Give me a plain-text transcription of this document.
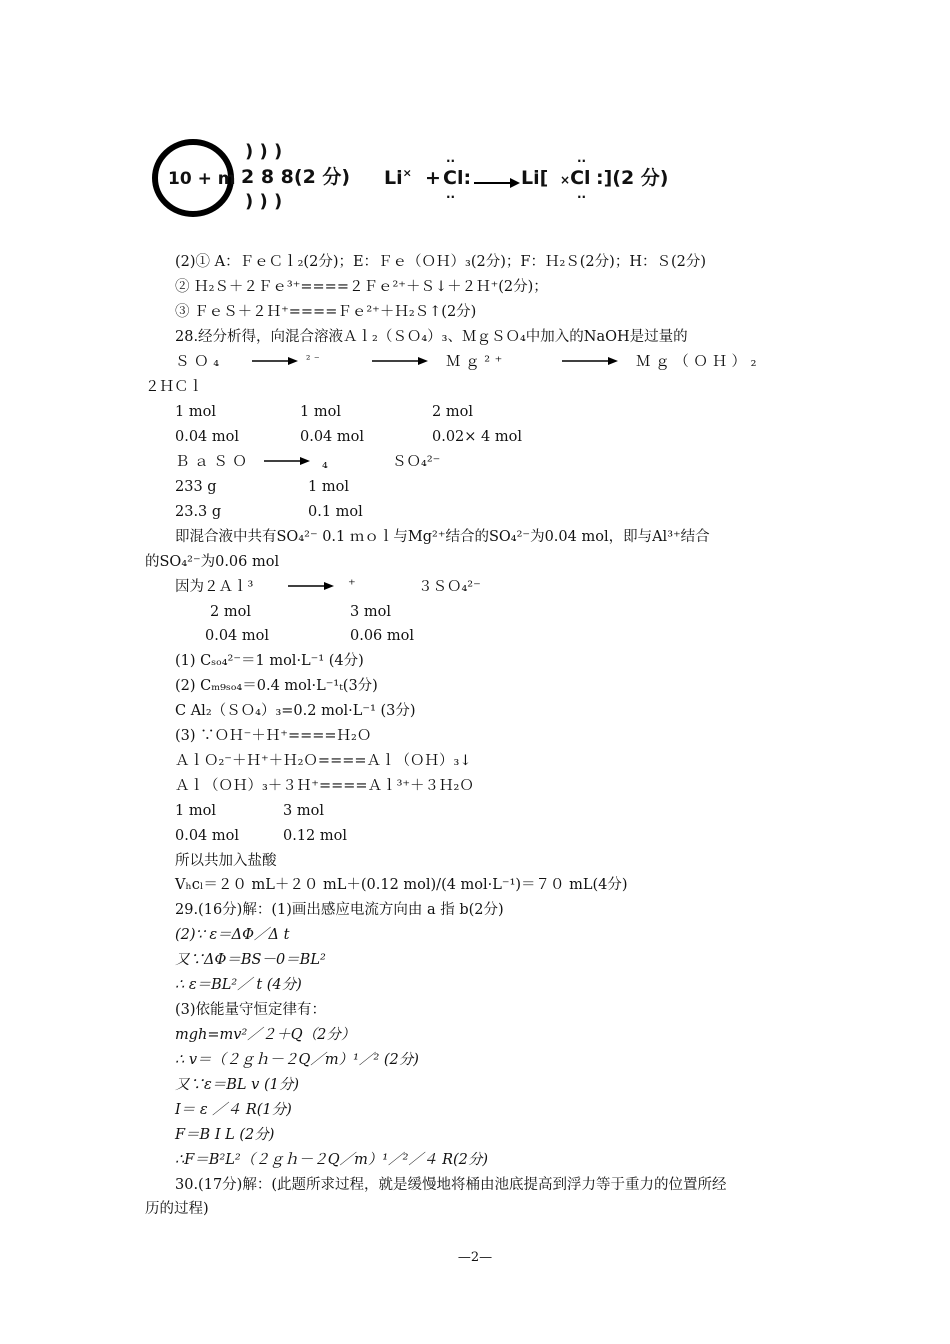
10 + m
) ) )
2 8 8(2 分)
) ) )
Li× +
··
Cl:
··
→ Li[
··
×Cl
··
:](2 分)
(2)① A：ＦｅＣｌ₂(2分)；E：Ｆｅ（ＯＨ）₃(2分)；F：Ｈ₂Ｓ(2分)；H：Ｓ(2分)
② Ｈ₂Ｓ＋２Ｆｅ³⁺====２Ｆｅ²⁺＋Ｓ↓＋２Ｈ⁺(2分)；
③ ＦｅＳ＋２Ｈ⁺====Ｆｅ²⁺＋Ｈ₂Ｓ↑(2分)
28.经分析得，向混合溶液Ａｌ₂（ＳＯ₄）₃、ＭｇＳＯ₄中加入的NaOH是过量的
Ｓ Ｏ ₄	² ⁻	Ｍ ｇ ² ⁺	Ｍ ｇ （ Ｏ Ｈ ） ₂
２ＨＣｌ
1 mol	1 mol	2 mol
0.04 mol	0.04 mol	0.02× 4 mol
Ｂ ａ Ｓ Ｏ	₄	ＳＯ₄²⁻
233 g	1 mol
23.3 g	0.1 mol
即混合液中共有SO₄²⁻ 0.1 ｍｏｌ与Mg²⁺结合的SO₄²⁻为0.04 mol，即与Al³⁺结合
的SO₄²⁻为0.06 mol
因为２Ａｌ³	⁺	３ＳＯ₄²⁻
2 mol	3 mol
0.04 mol	0.06 mol
(1) Cₛₒ₄²⁻＝1 mol·L⁻¹ (4分)
(2) Cₘ₉ₛₒ₄＝0.4 mol·L⁻¹ₜ(3分)
C Al₂（ＳＯ₄）₃=0.2 mol·L⁻¹ (3分)
(3) ∵ＯＨ⁻＋Ｈ⁺====Ｈ₂Ｏ
ＡｌＯ₂⁻＋Ｈ⁺＋Ｈ₂Ｏ====Ａｌ（ＯＨ）₃↓
Ａｌ（ＯＨ）₃＋３Ｈ⁺====Ａｌ³⁺＋３Ｈ₂Ｏ
1 mol	3 mol
0.04 mol	0.12 mol
所以共加入盐酸
Vₕcₗ＝２０ mL＋２０ mL＋(0.12 mol)/(4 mol·L⁻¹)＝７０ mL(4分)
29.(16分)解：(1)画出感应电流方向由 a 指 b(2分)
(2)∵ ε＝ΔΦ／Δ t
又∵ΔΦ＝BS－0＝BL²
∴ ε＝BL²／ t (4分)
(3)依能量守恒定律有：
mgh=mv²／２＋Q（2分）
∴ v＝（２ｇｈ－２Q／m）¹／² (2分)
又∵ε＝BL v (1分)
I＝ ε ／４ R(1分)
F＝B I L (2分)
∴F＝B²L²（２ｇｈ－２Q／m）¹／²／４ R(2分)
30.(17分)解：(此题所求过程，就是缓慢地将桶由池底提高到浮力等于重力的位置所经
历的过程)
—2—
